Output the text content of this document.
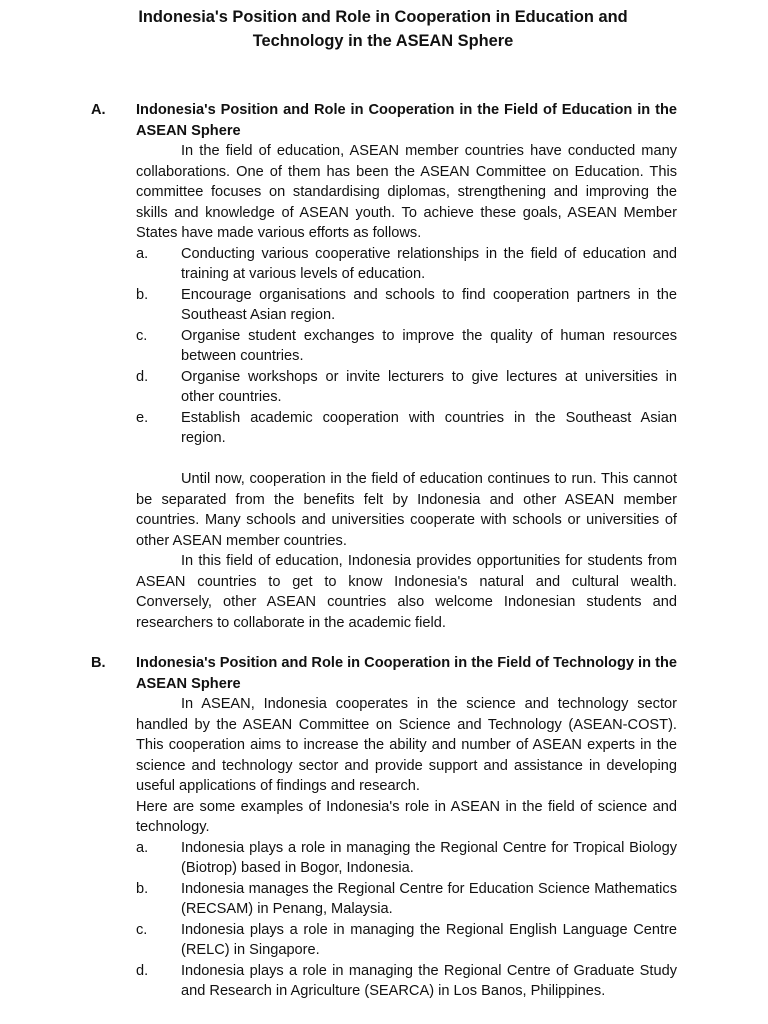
Indonesia's Position and Role in Cooperation in Education and Technology in the ASEAN Sphere
A. Indonesia's Position and Role in Cooperation in the Field of Education in the ASEAN Sphere

In the field of education, ASEAN member countries have conducted many collaborations. One of them has been the ASEAN Committee on Education. This committee focuses on standardising diplomas, strengthening and improving the skills and knowledge of ASEAN youth. To achieve these goals, ASEAN Member States have made various efforts as follows.

a. Conducting various cooperative relationships in the field of education and training at various levels of education.
b. Encourage organisations and schools to find cooperation partners in the Southeast Asian region.
c. Organise student exchanges to improve the quality of human resources between countries.
d. Organise workshops or invite lecturers to give lectures at universities in other countries.
e. Establish academic cooperation with countries in the Southeast Asian region.

Until now, cooperation in the field of education continues to run. This cannot be separated from the benefits felt by Indonesia and other ASEAN member countries. Many schools and universities cooperate with schools or universities of other ASEAN member countries.

In this field of education, Indonesia provides opportunities for students from ASEAN countries to get to know Indonesia's natural and cultural wealth. Conversely, other ASEAN countries also welcome Indonesian students and researchers to collaborate in the academic field.

B. Indonesia's Position and Role in Cooperation in the Field of Technology in the ASEAN Sphere

In ASEAN, Indonesia cooperates in the science and technology sector handled by the ASEAN Committee on Science and Technology (ASEAN-COST). This cooperation aims to increase the ability and number of ASEAN experts in the science and technology sector and provide support and assistance in developing useful applications of findings and research.

Here are some examples of Indonesia's role in ASEAN in the field of science and technology.

a. Indonesia plays a role in managing the Regional Centre for Tropical Biology (Biotrop) based in Bogor, Indonesia.
b. Indonesia manages the Regional Centre for Education Science Mathematics (RECSAM) in Penang, Malaysia.
c. Indonesia plays a role in managing the Regional English Language Centre (RELC) in Singapore.
d. Indonesia plays a role in managing the Regional Centre of Graduate Study and Research in Agriculture (SEARCA) in Los Banos, Philippines.
